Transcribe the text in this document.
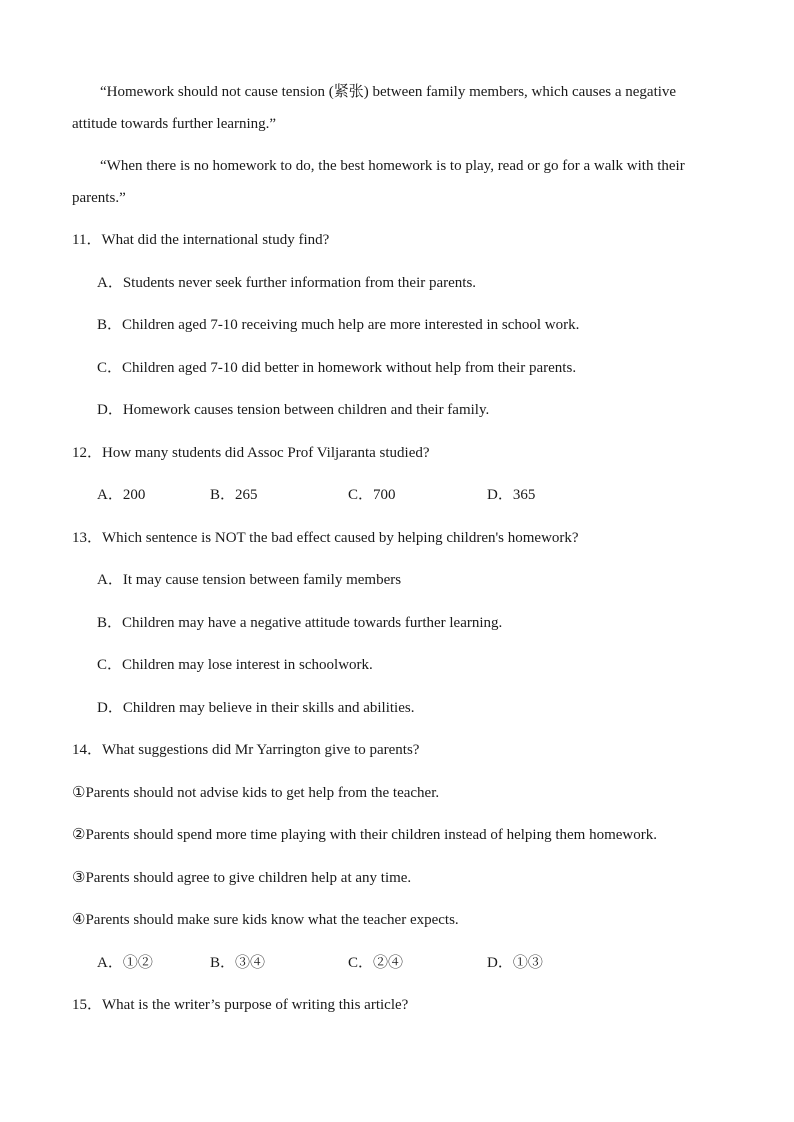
“Homework should not cause tension (紧张) between family members, which causes a negative
attitude towards further learning.”
“When there is no homework to do, the best homework is to play, read or go for a walk with their
parents.”
11．What did the international study find?
A．Students never seek further information from their parents.
B．Children aged 7-10 receiving much help are more interested in school work.
C．Children aged 7-10 did better in homework without help from their parents.
D．Homework causes tension between children and their family.
12．How many students did Assoc Prof Viljaranta studied?
A．200	B．265	C．700	D．365
13．Which sentence is NOT the bad effect caused by helping children's homework?
A．It may cause tension between family members
B．Children may have a negative attitude towards further learning.
C．Children may lose interest in schoolwork.
D．Children may believe in their skills and abilities.
14．What suggestions did Mr Yarrington give to parents?
①Parents should not advise kids to get help from the teacher.
②Parents should spend more time playing with their children instead of helping them homework.
③Parents should agree to give children help at any time.
④Parents should make sure kids know what the teacher expects.
A．①②	B．③④	C．②④	D．①③
15．What is the writer’s purpose of writing this article?
